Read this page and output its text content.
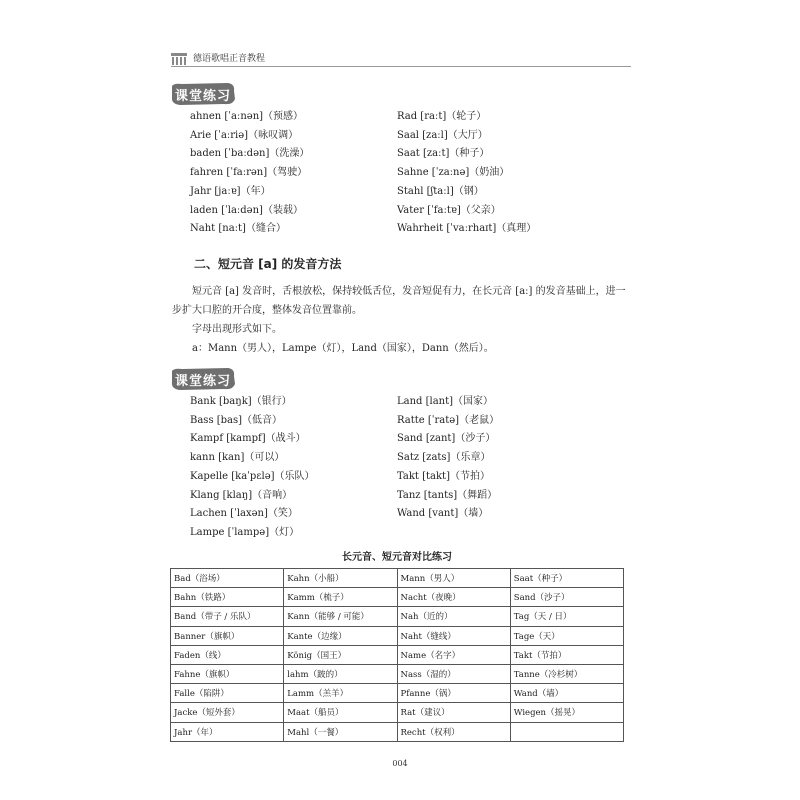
德语歌唱正音教程
课堂练习
ahnen [ˈaːnən]（预感）
Arie [ˈaːriə]（咏叹调）
baden [ˈbaːdən]（洗澡）
fahren [ˈfaːrən]（驾驶）
Jahr [jaːɐ]（年）
laden [ˈlaːdən]（装载）
Naht [naːt]（缝合）
Rad [raːt]（轮子）
Saal [zaːl]（大厅）
Saat [zaːt]（种子）
Sahne [ˈzaːnə]（奶油）
Stahl [ʃtaːl]（钢）
Vater [ˈfaːtɐ]（父亲）
Wahrheit [ˈvaːrhaɪt]（真理）
二、短元音 [a] 的发音方法
短元音 [a] 发音时，舌根放松，保持较低舌位，发音短促有力，在长元音 [aː] 的发音基础上，进一步扩大口腔的开合度，整体发音位置靠前。
字母出现形式如下。
a：Mann（男人），Lampe（灯），Land（国家），Dann（然后）。
课堂练习
Bank [baŋk]（银行）
Bass [bas]（低音）
Kampf [kampf]（战斗）
kann [kan]（可以）
Kapelle [kaˈpɛlə]（乐队）
Klang [klaŋ]（音响）
Lachen [ˈlaxən]（笑）
Lampe [ˈlampə]（灯）
Land [lant]（国家）
Ratte [ˈratə]（老鼠）
Sand [zant]（沙子）
Satz [zats]（乐章）
Takt [takt]（节拍）
Tanz [tants]（舞蹈）
Wand [vant]（墙）
长元音、短元音对比练习
Bad（浴场）	Kahn（小船）	Mann（男人）	Saat（种子）
Bahn（铁路）	Kamm（梳子）	Nacht（夜晚）	Sand（沙子）
Band（带子 / 乐队）	Kann（能够 / 可能）	Nah（近的）	Tag（天 / 日）
Banner（旗帜）	Kante（边缘）	Naht（缝线）	Tage（天）
Faden（线）	König（国王）	Name（名字）	Takt（节拍）
Fahne（旗帜）	lahm（跛的）	Nass（湿的）	Tanne（冷杉树）
Falle（陷阱）	Lamm（羔羊）	Pfanne（锅）	Wand（墙）
Jacke（短外套）	Maat（船员）	Rat（建议）	Wiegen（摇晃）
Jahr（年）	Mahl（一餐）	Recht（权利）	
004
